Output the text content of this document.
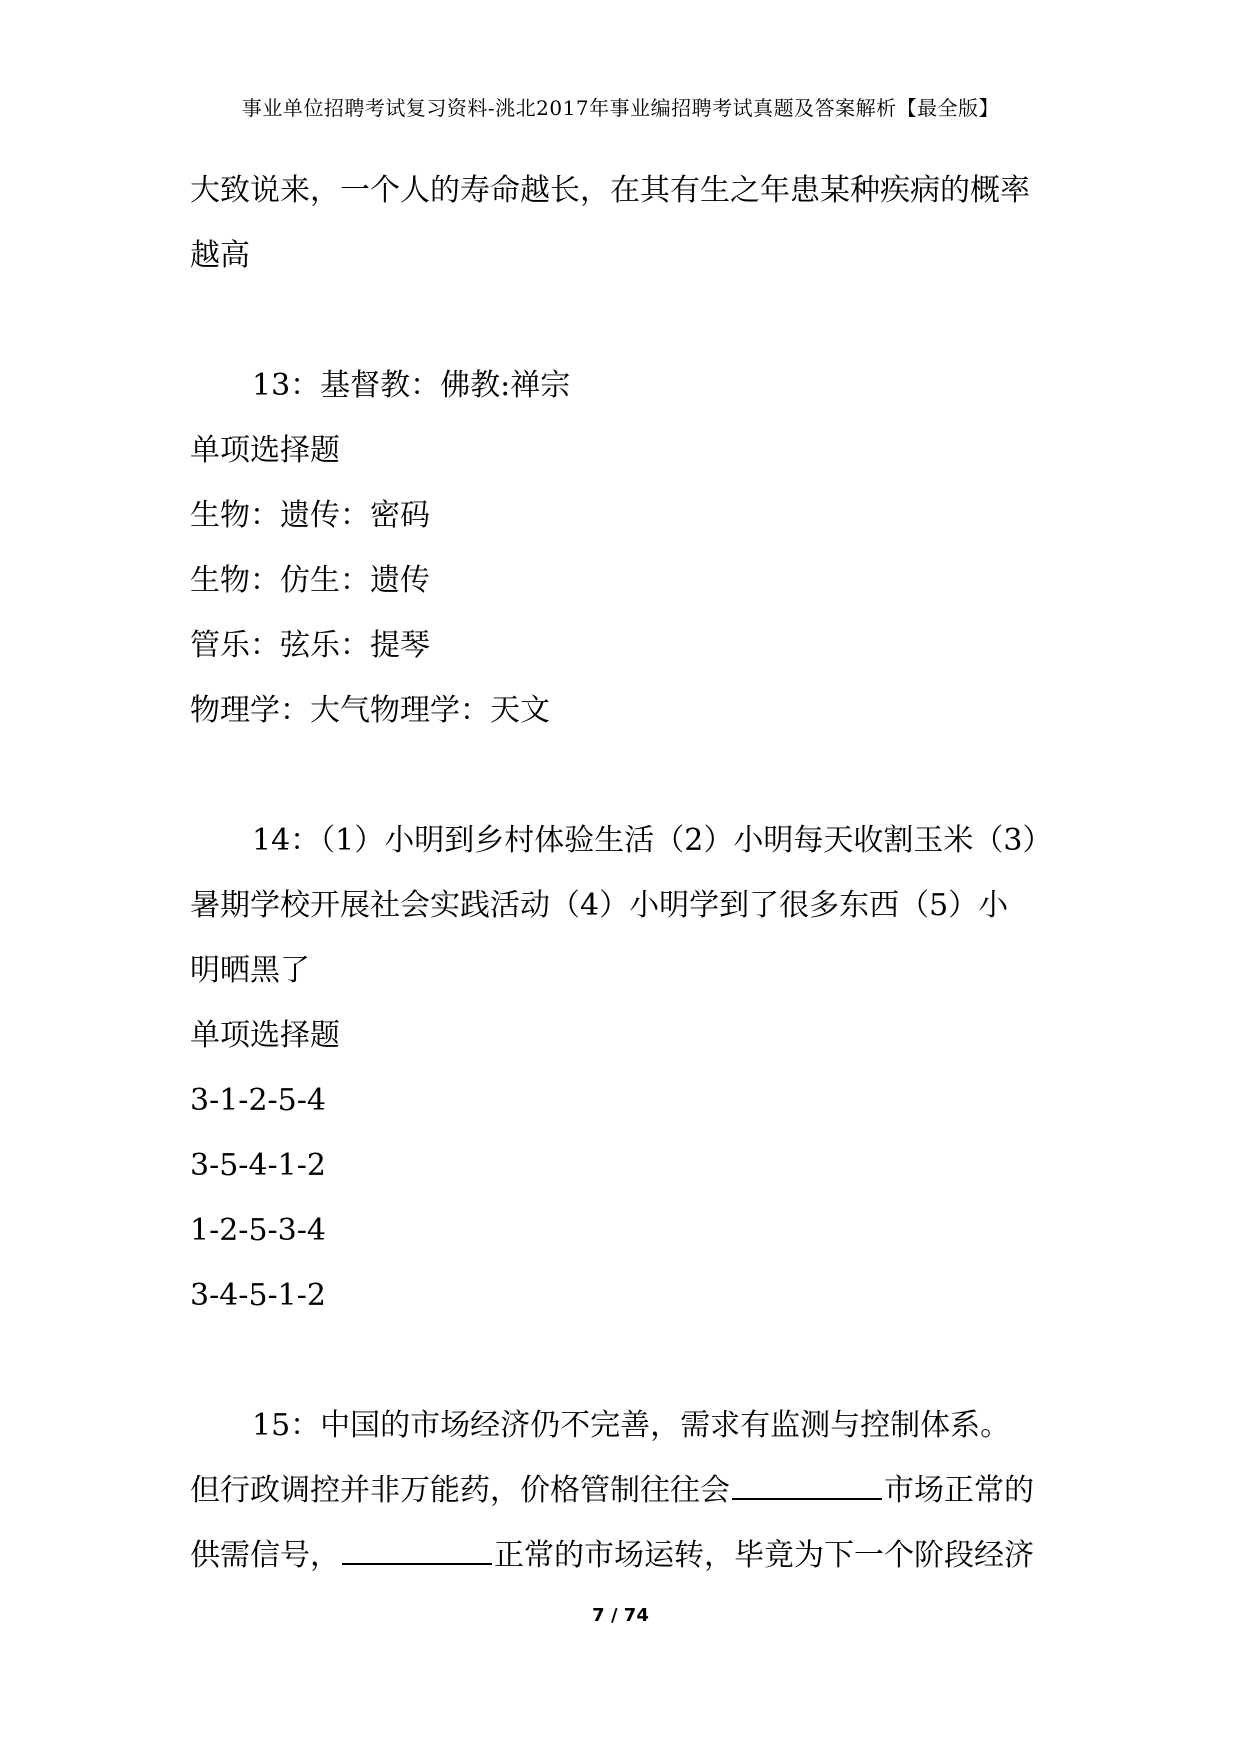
事业单位招聘考试复习资料-洮北2017年事业编招聘考试真题及答案解析【最全版】
大致说来，一个人的寿命越长，在其有生之年患某种疾病的概率
越高
13：基督教：佛教:禅宗
单项选择题
生物：遗传：密码
生物：仿生：遗传
管乐：弦乐：提琴
物理学：大气物理学：天文
14：（1）小明到乡村体验生活（2）小明每天收割玉米（3）
暑期学校开展社会实践活动（4）小明学到了很多东西（5）小
明晒黑了
单项选择题
3-1-2-5-4
3-5-4-1-2
1-2-5-3-4
3-4-5-1-2
15：中国的市场经济仍不完善，需求有监测与控制体系。
但行政调控并非万能药，价格管制往往会	市场正常的
供需信号，	正常的市场运转，毕竟为下一个阶段经济
7 / 74
